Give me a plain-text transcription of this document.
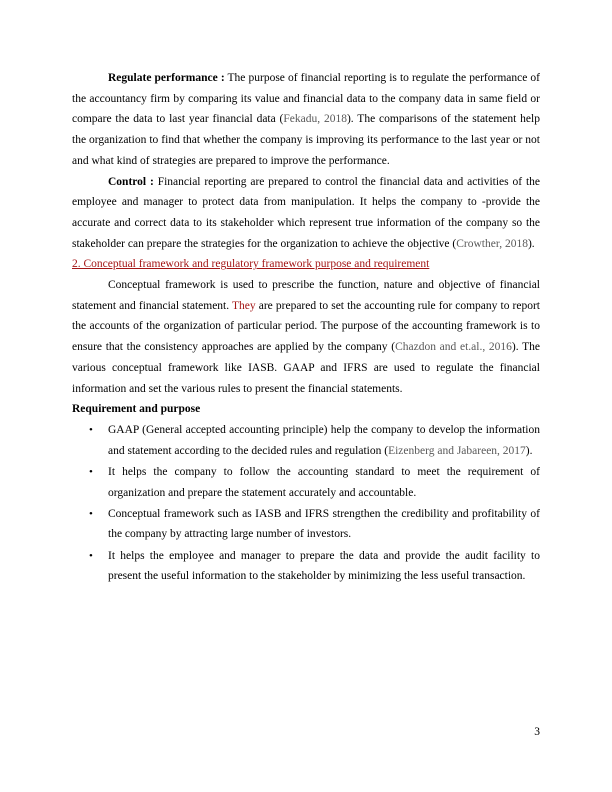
Regulate performance : The purpose of financial reporting is to regulate the performance of the accountancy firm by comparing its value and financial data to the company data in same field or compare the data to last year financial data (Fekadu, 2018). The comparisons of the statement help the organization to find that whether the company is improving its performance to the last year or not and what kind of strategies are prepared to improve the performance.

Control : Financial reporting are prepared to control the financial data and activities of the employee and manager to protect data from manipulation. It helps the company to -provide the accurate and correct data to its stakeholder which represent true information of the company so the stakeholder can prepare the strategies for the organization to achieve the objective (Crowther, 2018).

2. Conceptual framework and regulatory framework purpose and requirement

Conceptual framework is used to prescribe the function, nature and objective of financial statement and financial statement. They are prepared to set the accounting rule for company to report the accounts of the organization of particular period. The purpose of the accounting framework is to ensure that the consistency approaches are applied by the company (Chazdon and et.al., 2016). The various conceptual framework like IASB. GAAP and IFRS are used to regulate the financial information and set the various rules to present the financial statements.

Requirement and purpose

• GAAP (General accepted accounting principle) help the company to develop the information and statement according to the decided rules and regulation (Eizenberg and Jabareen, 2017).
• It helps the company to follow the accounting standard to meet the requirement of organization and prepare the statement accurately and accountable.
• Conceptual framework such as IASB and IFRS strengthen the credibility and profitability of the company by attracting large number of investors.
• It helps the employee and manager to prepare the data and provide the audit facility to present the useful information to the stakeholder by minimizing the less useful transaction.
3
